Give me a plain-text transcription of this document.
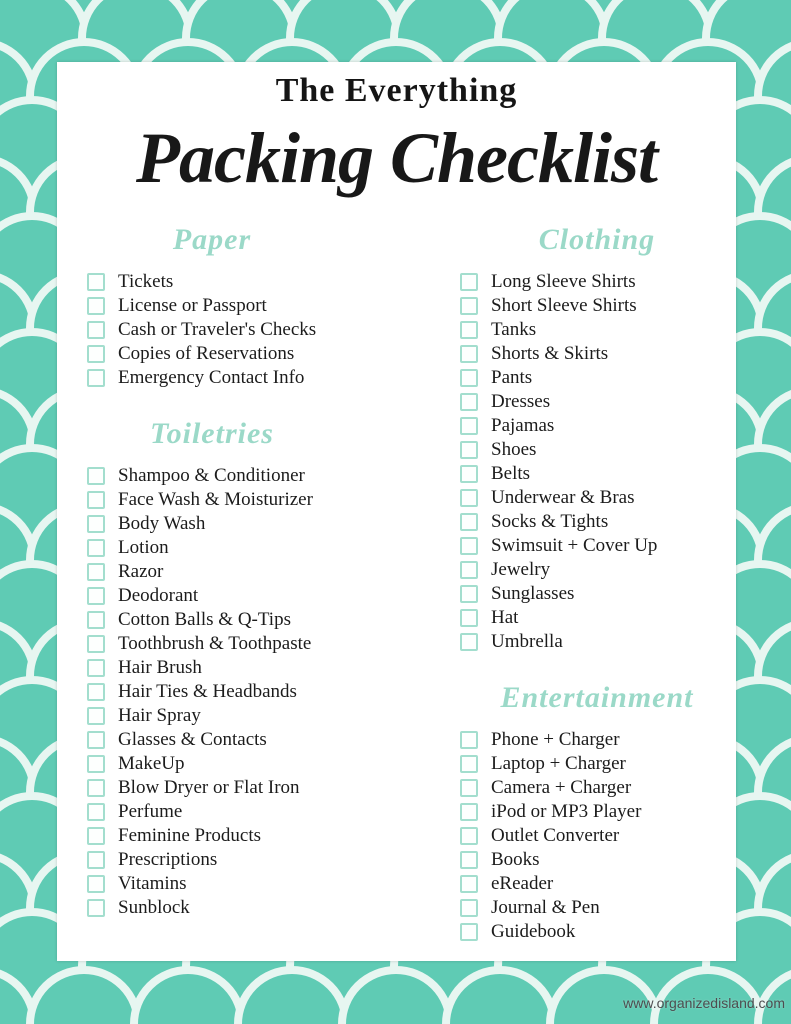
The Everything
Packing Checklist
Paper
Tickets
License or Passport
Cash or Traveler's Checks
Copies of Reservations
Emergency Contact Info
Toiletries
Shampoo & Conditioner
Face Wash & Moisturizer
Body Wash
Lotion
Razor
Deodorant
Cotton Balls & Q-Tips
Toothbrush & Toothpaste
Hair Brush
Hair Ties & Headbands
Hair Spray
Glasses & Contacts
MakeUp
Blow Dryer or Flat Iron
Perfume
Feminine Products
Prescriptions
Vitamins
Sunblock
Clothing
Long Sleeve Shirts
Short Sleeve Shirts
Tanks
Shorts & Skirts
Pants
Dresses
Pajamas
Shoes
Belts
Underwear & Bras
Socks & Tights
Swimsuit + Cover Up
Jewelry
Sunglasses
Hat
Umbrella
Entertainment
Phone + Charger
Laptop + Charger
Camera + Charger
iPod or MP3 Player
Outlet Converter
Books
eReader
Journal & Pen
Guidebook
www.organizedisland.com
